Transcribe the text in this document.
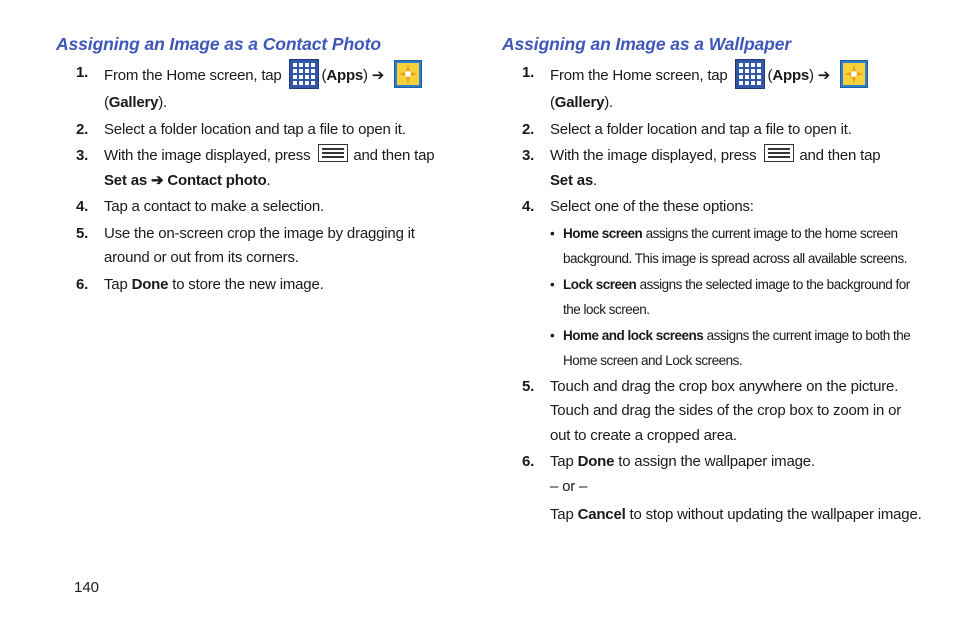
Assigning an Image as a Contact Photo
1. From the Home screen, tap	(Apps) ➔
(Gallery).
2. Select a folder location and tap a file to open it.
3. With the image displayed, press	and then tap
Set as ➔ Contact photo.
4. Tap a contact to make a selection.
5. Use the on-screen crop the image by dragging it around or out from its corners.
6. Tap Done to store the new image.
Assigning an Image as a Wallpaper
1. From the Home screen, tap	(Apps) ➔
(Gallery).
2. Select a folder location and tap a file to open it.
3. With the image displayed, press	and then tap
Set as.
4. Select one of the these options:
• Home screen assigns the current image to the home screen background. This image is spread across all available screens.
• Lock screen assigns the selected image to the background for the lock screen.
• Home and lock screens assigns the current image to both the Home screen and Lock screens.
5. Touch and drag the crop box anywhere on the picture. Touch and drag the sides of the crop box to zoom in or out to create a cropped area.
6. Tap Done to assign the wallpaper image.
– or –
Tap Cancel to stop without updating the wallpaper image.
140
